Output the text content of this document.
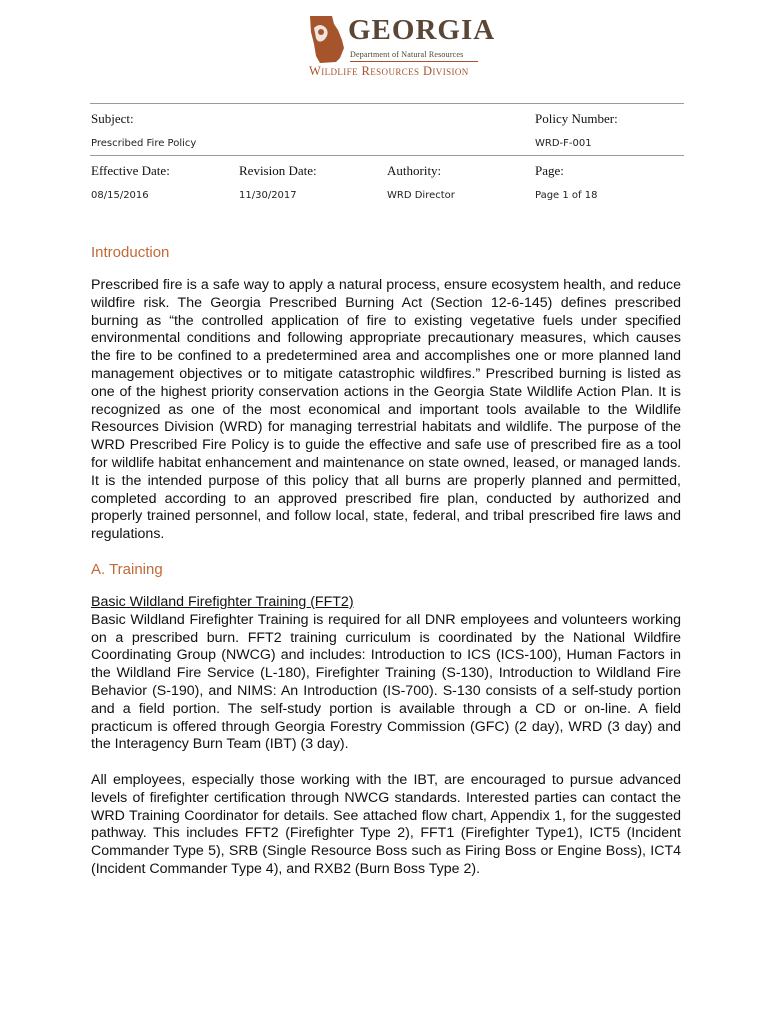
GEORGIA
Department of Natural Resources
Wildlife Resources Division
Subject:	Policy Number:
Prescribed Fire Policy	WRD-F-001
Effective Date:	Revision Date:	Authority:	Page:
08/15/2016	11/30/2017	WRD Director	Page 1 of 18
Introduction

Prescribed fire is a safe way to apply a natural process, ensure ecosystem health, and reduce wildfire risk. The Georgia Prescribed Burning Act (Section 12-6-145) defines prescribed burning as “the controlled application of fire to existing vegetative fuels under specified environmental conditions and following appropriate precautionary measures, which causes the fire to be confined to a predetermined area and accomplishes one or more planned land management objectives or to mitigate catastrophic wildfires.” Prescribed burning is listed as one of the highest priority conservation actions in the Georgia State Wildlife Action Plan. It is recognized as one of the most economical and important tools available to the Wildlife Resources Division (WRD) for managing terrestrial habitats and wildlife. The purpose of the WRD Prescribed Fire Policy is to guide the effective and safe use of prescribed fire as a tool for wildlife habitat enhancement and maintenance on state owned, leased, or managed lands. It is the intended purpose of this policy that all burns are properly planned and permitted, completed according to an approved prescribed fire plan, conducted by authorized and properly trained personnel, and follow local, state, federal, and tribal prescribed fire laws and regulations.

A. Training

Basic Wildland Firefighter Training (FFT2)
Basic Wildland Firefighter Training is required for all DNR employees and volunteers working on a prescribed burn. FFT2 training curriculum is coordinated by the National Wildfire Coordinating Group (NWCG) and includes: Introduction to ICS (ICS-100), Human Factors in the Wildland Fire Service (L-180), Firefighter Training (S-130), Introduction to Wildland Fire Behavior (S-190), and NIMS: An Introduction (IS-700). S-130 consists of a self-study portion and a field portion. The self-study portion is available through a CD or on-line. A field practicum is offered through Georgia Forestry Commission (GFC) (2 day), WRD (3 day) and the Interagency Burn Team (IBT) (3 day).

All employees, especially those working with the IBT, are encouraged to pursue advanced levels of firefighter certification through NWCG standards. Interested parties can contact the WRD Training Coordinator for details. See attached flow chart, Appendix 1, for the suggested pathway. This includes FFT2 (Firefighter Type 2), FFT1 (Firefighter Type1), ICT5 (Incident Commander Type 5), SRB (Single Resource Boss such as Firing Boss or Engine Boss), ICT4 (Incident Commander Type 4), and RXB2 (Burn Boss Type 2).
